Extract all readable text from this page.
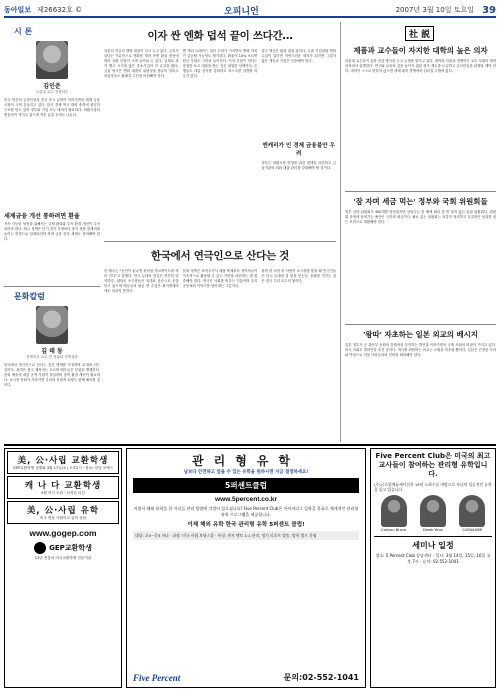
동아일보 제26632호 ©	오피니언	2007년 3월 10일 토요일 39
시 론
김인준
서울대 교수·경제학부
미국 연준의 금리인상과 중국 증시 급락이 이어지면서 세계 금융시장이 크게 흔들리고 있다. 한국 경제 역시 대외 충격에 취약한 구조를 안고 있어 정부와 기업 모두 대비가 필요하다. 외환시장의 변동성이 커지고 있으며 자본 유출 우려도 나온다.
세제금융 개선 통하려면 환율
지속 가능한 성장을 위해서는 규제 완화와 투자 환경 개선이 우선되어야 한다. 세금 정책은 단기 경기 부양보다 장기 성장 잠재력을 높이는 방향으로 설계되어야 하며 금융 감독 체계도 정비해야 한다.
문화칼럼
김 태 동
경제학부 교수·전 청와대 정책실장
한국에서 연극인으로 산다는 것은 생계를 걱정하며 무대에 서는 일이다. 관객은 줄고 제작비는 오르며 배우들은 부업을 병행한다. 문화 예술에 대한 공적 지원이 절실하며 창작 환경 개선이 필요하다. 소극장 문화가 사라지면 우리의 문화적 토양도 함께 메마를 것이다.
이자 싼 엔화 덥석 끝이 쓰다간…
일본의 저금리 엔화 대출이 다시 늘고 있다. 금리가 낮다는 이유만으로 엔화를 빌려 쓰면 환율 변동에 따라 상환 부담이 크게 늘어날 수 있다. 실제로 과거 엔고 시기에 많은 중소기업이 큰 손실을 봤다. 금융 당국은 엔화 대출의 위험성을 충분히 알리고 차입자들도 환헤지 수단을 마련해야 한다.
엔 캐리 트레이드 청산 우려가 커지면서 엔화 가치가 급등할 가능성도 제기된다. 환율이 10% 오르면 원금 부담도 그만큼 늘어난다. 이자 부담이 적다는 장점만 보고 대출을 받는 것은 위험한 선택이다. 은행들도 대출 심사를 강화하고 리스크를 설명할 의무가 있다.
결국 핵심은 환율 위험 관리다. 수출 기업처럼 엔화 수입이 있다면 자연스러운 헤지가 되지만 그렇지 않은 개인과 기업은 신중해야 한다.
엔캐리가 인 경제 금융불안 우려
정부는 외환시장 안정을 위한 대책을 마련하고 금융기관의 외화 대출 관리를 강화해야 할 것이다.
한국에서 연극인으로 산다는 것
한 배우는 "공연이 끝나면 편의점 아르바이트를 하러 간다"고 말했다. 연극 무대의 현실은 여전히 열악하다. 대학로 소극장들은 임대료 상승으로 문을 닫고 있으며 배우들의 평균 연 수입은 최저생계비에도 미치지 못한다.
문화 정책은 보여주기식 대형 축제보다 창작자들이 지속적으로 활동할 수 있는 기반을 마련하는 데 집중해야 한다. 연극은 사회를 비추는 거울이며 우리 공동체의 이야기를 담아내는 그릇이다.
관객 한 사람 한 사람이 소극장을 찾을 때 연극인들은 다시 무대에 설 힘을 얻는다. 문화를 지키는 것은 결국 우리 모두의 몫이다.
社 説
제품과 교수들이 자지한 대학의 높은 의자
서울대 교수들이 총장 선출 방식을 두고 논쟁을 벌이고 있다. 대학의 자율과 경쟁력은 교수 사회의 개혁 의지에서 출발한다. 연구와 교육의 질을 높이기 위한 평가 제도를 도입하고 무사안일한 관행을 깨야 한다. 대학이 스스로 변하지 않으면 세계 대학 경쟁에서 뒤처질 수밖에 없다.
'잠 자며 세금 먹는' 정부와 국회 위원회들
정부 산하 위원회가 400개를 넘어섰지만 상당수는 한 해에 회의 한 번 열지 않는 유령 위원회다. 위원회 운영에 들어가는 예산은 국민의 세금이다. 필요 없는 위원회는 과감히 정리하고 실질적인 성과를 내는 조직으로 재편해야 한다.
'왕따' 자초하는 일본 외교의 베시지
일본 정부가 군 위안부 동원의 강제성을 부인하는 발언을 이어가면서 국제 사회의 비판이 커지고 있다. 미국 의회도 결의안을 추진 중이다. 역사를 외면하는 외교는 고립을 자초할 뿐이다. 일본은 진정한 사과와 반성으로 이웃 나라들과의 신뢰를 회복해야 한다.
美, 公·사립 교환학생
GEP교환학생 설명회 3월 17일(토) 오후2시 · 장소: 강남 코엑스
캐 나 다 교환학생
9월 학기 모집 · 선착순 마감
美, 公·사립 유학
미국 명문 사립학교 입학 상담
www.gogep.com
GEP교환학생
13년 전통의 미국교환학생 전문기관
관리형유학
남보다 안전하고 앞을 수 있는 유학을 원하시면 지금 결정하세요!
5퍼센트클럽
www.5percent.co.kr
어렸서 해외 유학을 한 자녀들 관리 방법에 걱정이 있으셨나요? Five Percent Club은 아이비리그 입학을 목표로 체계적인 관리형 유학 프로그램을 제공합니다.
이제 해외 유학 한국 관리형 유학 5퍼센트 클럽!
대상: 초3~중3 자녀 · 과정: 미국 사립 보딩스쿨 · 특징: 현지 멘토 1:1 관리, 정기 리포트 발송, 방학 캠프 운영
Five Percent	문의:02-552-1041
Five Percent Club은 미국의 최고 교사들이 참여하는 관리형 유학입니다.
(주)글로벌에듀케이션은 15년 노하우를 바탕으로 자녀의 성공적인 유학을 돕고 있습니다.
Carlson Bruce	Derek Yeun	CAYNAXIMI
세미나 일정
장소: 5 Percent Club 강남센터 · 일시: 3월 14일, 15일, 16일 오후 7시 · 문의: 02-552-1041
